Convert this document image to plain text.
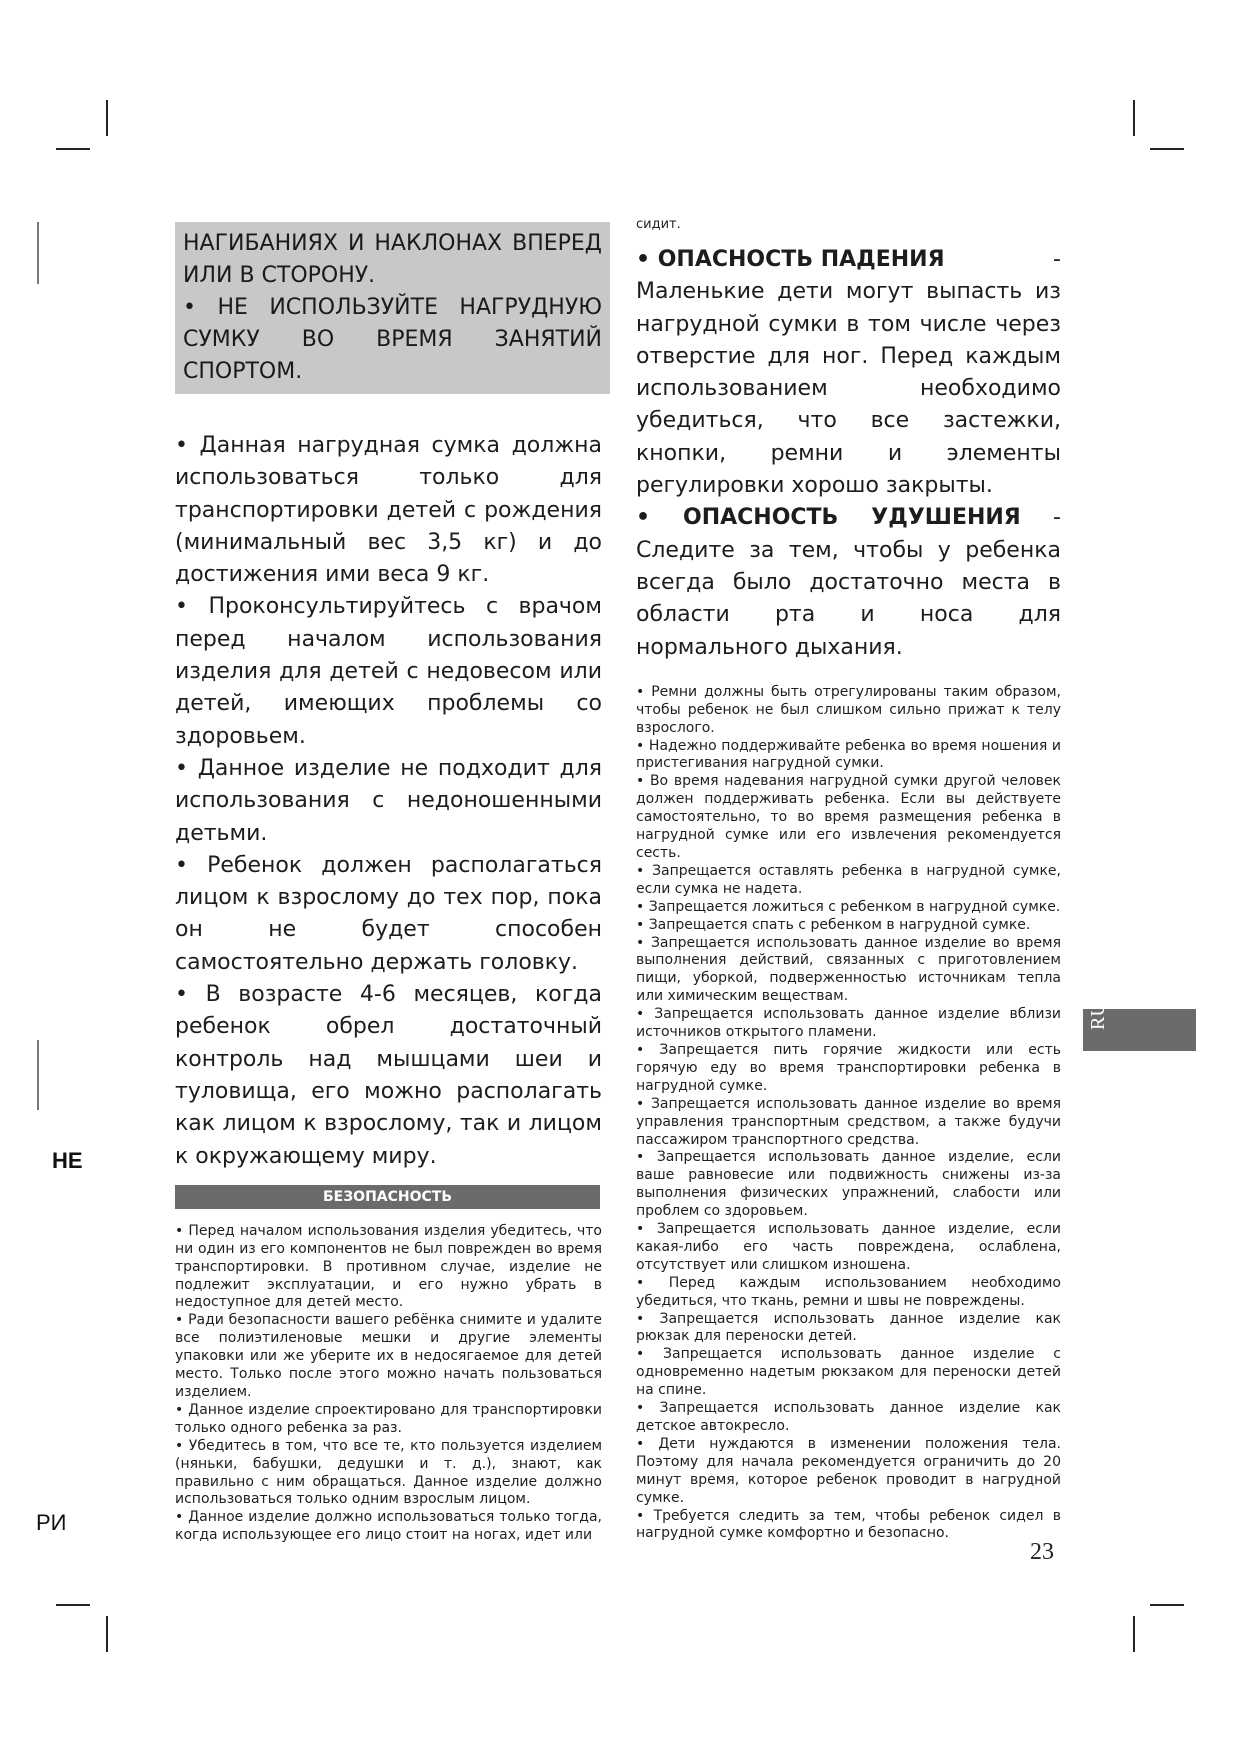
НЕ
РИ
НАГИБАНИЯХ И НАКЛОНАХ ВПЕРЕД ИЛИ В СТОРОНУ.
• НЕ ИСПОЛЬЗУЙТЕ НАГРУДНУЮ СУМКУ ВО ВРЕМЯ ЗАНЯТИЙ СПОРТОМ.

• Данная нагрудная сумка должна использоваться только для транспортировки детей с рождения (минимальный вес 3,5 кг) и до достижения ими веса 9 кг.

• Проконсультируйтесь с врачом перед началом использования изделия для детей с недовесом или детей, имеющих проблемы со здоровьем.

• Данное изделие не подходит для использования с недоношенными детьми.

• Ребенок должен располагаться лицом к взрослому до тех пор, пока он не будет способен самостоятельно держать головку.

• В возрасте 4-6 месяцев, когда ребенок обрел достаточный контроль над мышцами шеи и туловища, его можно располагать как лицом к взрослому, так и лицом к окружающему миру.

БЕЗОПАСНОСТЬ

• Перед началом использования изделия убедитесь, что ни один из его компонентов не был поврежден во время транспортировки. В противном случае, изделие не подлежит эксплуатации, и его нужно убрать в недоступное для детей место.

• Ради безопасности вашего ребёнка снимите и удалите все полиэтиленовые мешки и другие элементы упаковки или же уберите их в недосягаемое для детей место. Только после этого можно начать пользоваться изделием.

• Данное изделие спроектировано для транспортировки только одного ребенка за раз.

• Убедитесь в том, что все те, кто пользуется изделием (няньки, бабушки, дедушки и т. д.), знают, как правильно с ним обращаться. Данное изделие должно использоваться только одним взрослым лицом.

• Данное изделие должно использоваться только тогда, когда использующее его лицо стоит на ногах, идет или

сидит.

• ОПАСНОСТЬ ПАДЕНИЯ	-
Маленькие дети могут выпасть из нагрудной сумки в том числе через отверстие для ног. Перед каждым использованием необходимо убедиться, что все застежки, кнопки, ремни и элементы регулировки хорошо закрыты.

• ОПАСНОСТЬ УДУШЕНИЯ - Следите за тем, чтобы у ребенка всегда было достаточно места в области рта и носа для нормального дыхания.

• Ремни должны быть отрегулированы таким образом, чтобы ребенок не был слишком сильно прижат к телу взрослого.

• Надежно поддерживайте ребенка во время ношения и пристегивания нагрудной сумки.

• Во время надевания нагрудной сумки другой человек должен поддерживать ребенка. Если вы действуете самостоятельно, то во время размещения ребенка в нагрудной сумке или его извлечения рекомендуется сесть.

• Запрещается оставлять ребенка в нагрудной сумке, если сумка не надета.

• Запрещается ложиться с ребенком в нагрудной сумке.

• Запрещается спать с ребенком в нагрудной сумке.

• Запрещается использовать данное изделие во время выполнения действий, связанных с приготовлением пищи, уборкой, подверженностью источникам тепла или химическим веществам.

• Запрещается использовать данное изделие вблизи источников открытого пламени.

• Запрещается пить горячие жидкости или есть горячую еду во время транспортировки ребенка в нагрудной сумке.

• Запрещается использовать данное изделие во время управления транспортным средством, а также будучи пассажиром транспортного средства.

• Запрещается использовать данное изделие, если ваше равновесие или подвижность снижены из-за выполнения физических упражнений, слабости или проблем со здоровьем.

• Запрещается использовать данное изделие, если какая-либо его часть повреждена, ослаблена, отсутствует или слишком изношена.

• Перед каждым использованием необходимо убедиться, что ткань, ремни и швы не повреждены.

• Запрещается использовать данное изделие как рюкзак для переноски детей.

• Запрещается использовать данное изделие с одновременно надетым рюкзаком для переноски детей на спине.

• Запрещается использовать данное изделие как детское автокресло.

• Дети нуждаются в изменении положения тела. Поэтому для начала рекомендуется ограничить до 20 минут время, которое ребенок проводит в нагрудной сумке.

• Требуется следить за тем, чтобы ребенок сидел в нагрудной сумке комфортно и безопасно.

RU
23
